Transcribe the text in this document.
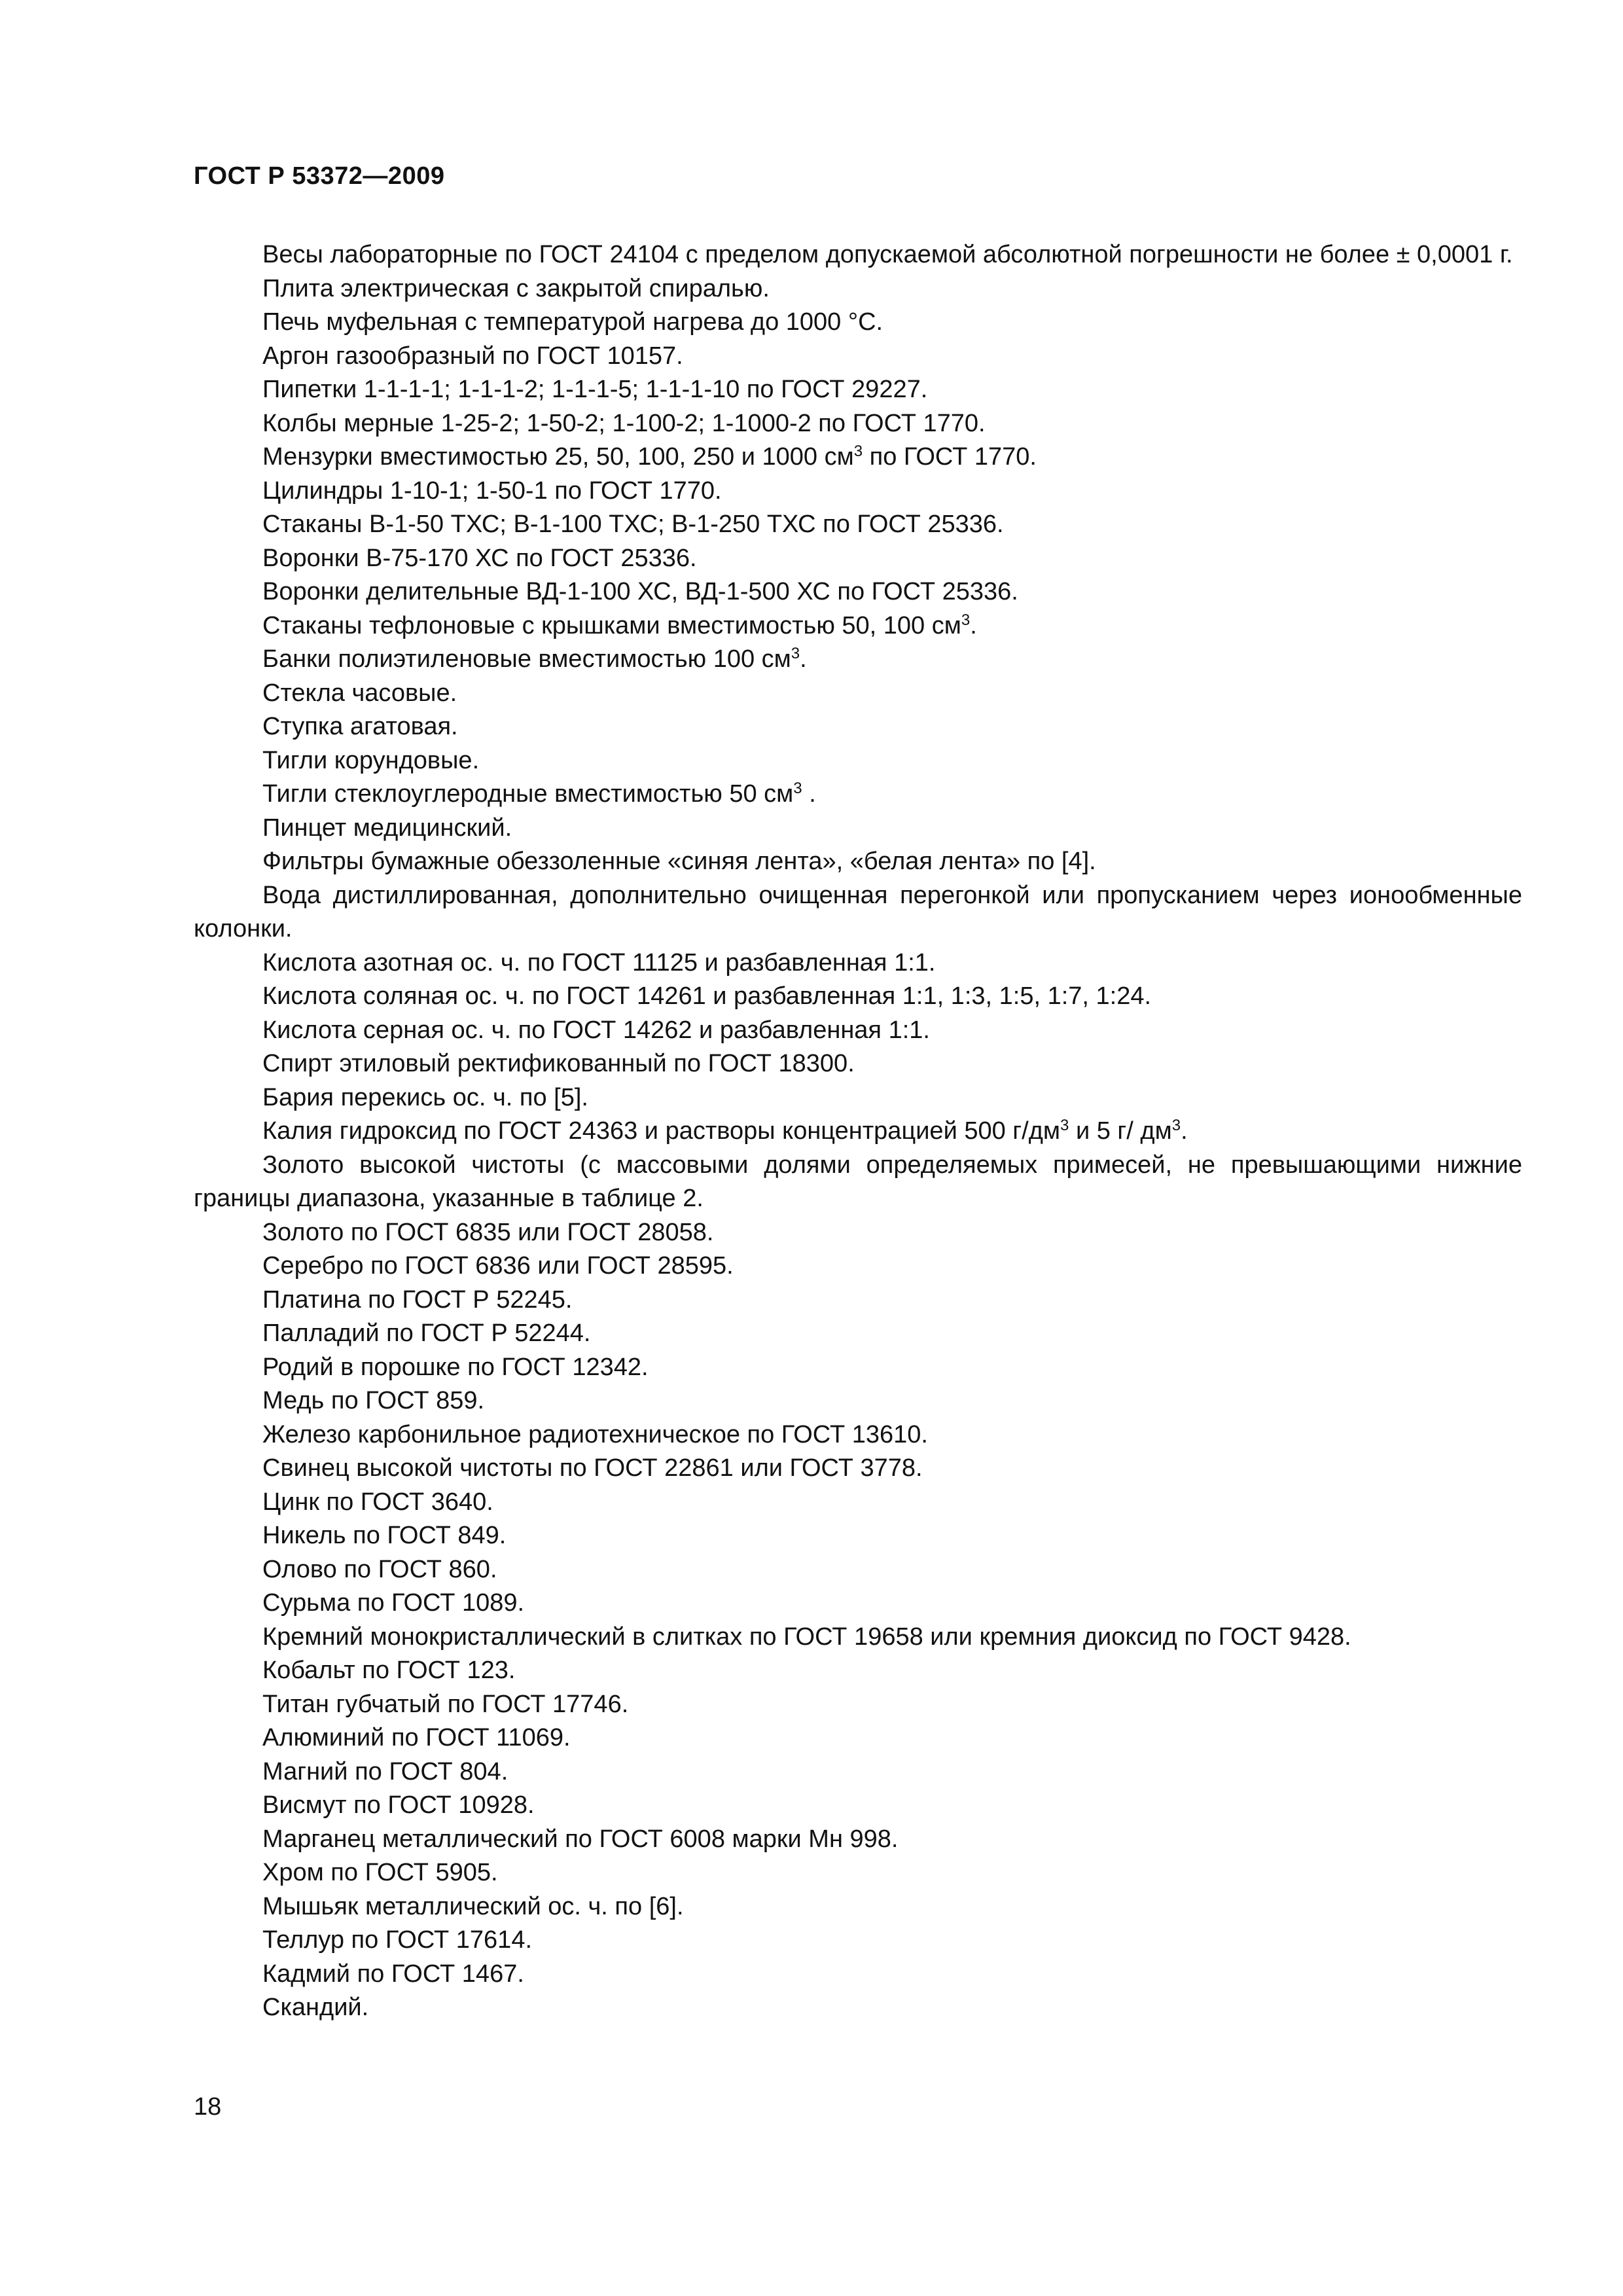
ГОСТ Р 53372—2009

Весы лабораторные по ГОСТ 24104 с пределом допускаемой абсолютной погрешности не более ± 0,0001 г.

Плита электрическая с закрытой спиралью.

Печь муфельная с температурой нагрева до 1000 °С.

Аргон газообразный по ГОСТ 10157.

Пипетки 1-1-1-1; 1-1-1-2; 1-1-1-5; 1-1-1-10 по ГОСТ 29227.

Колбы мерные 1-25-2; 1-50-2; 1-100-2; 1-1000-2 по ГОСТ 1770.

Мензурки вместимостью 25, 50, 100, 250 и 1000 $см^3$ по ГОСТ 1770.

Цилиндры 1-10-1; 1-50-1 по ГОСТ 1770.

Стаканы В-1-50 ТХС; В-1-100 ТХС; В-1-250 ТХС по ГОСТ 25336.

Воронки В-75-170 ХС по ГОСТ 25336.

Воронки делительные ВД-1-100 ХС, ВД-1-500 ХС по ГОСТ 25336.

Стаканы тефлоновые с крышками вместимостью 50, 100 $см^3$.

Банки полиэтиленовые вместимостью 100 $см^3$.

Стекла часовые.

Ступка агатовая.

Тигли корундовые.

Тигли стеклоуглеродные вместимостью 50 $см^3$ .

Пинцет медицинский.

Фильтры бумажные обеззоленные «синяя лента», «белая лента» по [4].

Вода дистиллированная, дополнительно очищенная перегонкой или пропусканием через ионообменные колонки.

Кислота азотная ос. ч. по ГОСТ 11125 и разбавленная 1:1.

Кислота соляная ос. ч. по ГОСТ 14261 и разбавленная 1:1, 1:3, 1:5, 1:7, 1:24.

Кислота серная ос. ч. по ГОСТ 14262 и разбавленная 1:1.

Спирт этиловый ректификованный по ГОСТ 18300.

Бария перекись ос. ч. по [5].

Калия гидроксид по ГОСТ 24363 и растворы концентрацией 500 $г/дм^3$ и 5 г/ $дм^3$.

Золото высокой чистоты (с массовыми долями определяемых примесей, не превышающими нижние границы диапазона, указанные в таблице 2.

Золото по ГОСТ 6835 или ГОСТ 28058.

Серебро по ГОСТ 6836 или ГОСТ 28595.

Платина по ГОСТ Р 52245.

Палладий по ГОСТ Р 52244.

Родий в порошке по ГОСТ 12342.

Медь по ГОСТ 859.

Железо карбонильное радиотехническое по ГОСТ 13610.

Свинец высокой чистоты по ГОСТ 22861 или ГОСТ 3778.

Цинк по ГОСТ 3640.

Никель по ГОСТ 849.

Олово по ГОСТ 860.

Сурьма по ГОСТ 1089.

Кремний монокристаллический в слитках по ГОСТ 19658 или кремния диоксид по ГОСТ 9428.

Кобальт по ГОСТ 123.

Титан губчатый по ГОСТ 17746.

Алюминий по ГОСТ 11069.

Магний по ГОСТ 804.

Висмут по ГОСТ 10928.

Марганец металлический по ГОСТ 6008 марки Мн 998.

Хром по ГОСТ 5905.

Мышьяк металлический ос. ч. по [6].

Теллур по ГОСТ 17614.

Кадмий по ГОСТ 1467.

Скандий.

18
